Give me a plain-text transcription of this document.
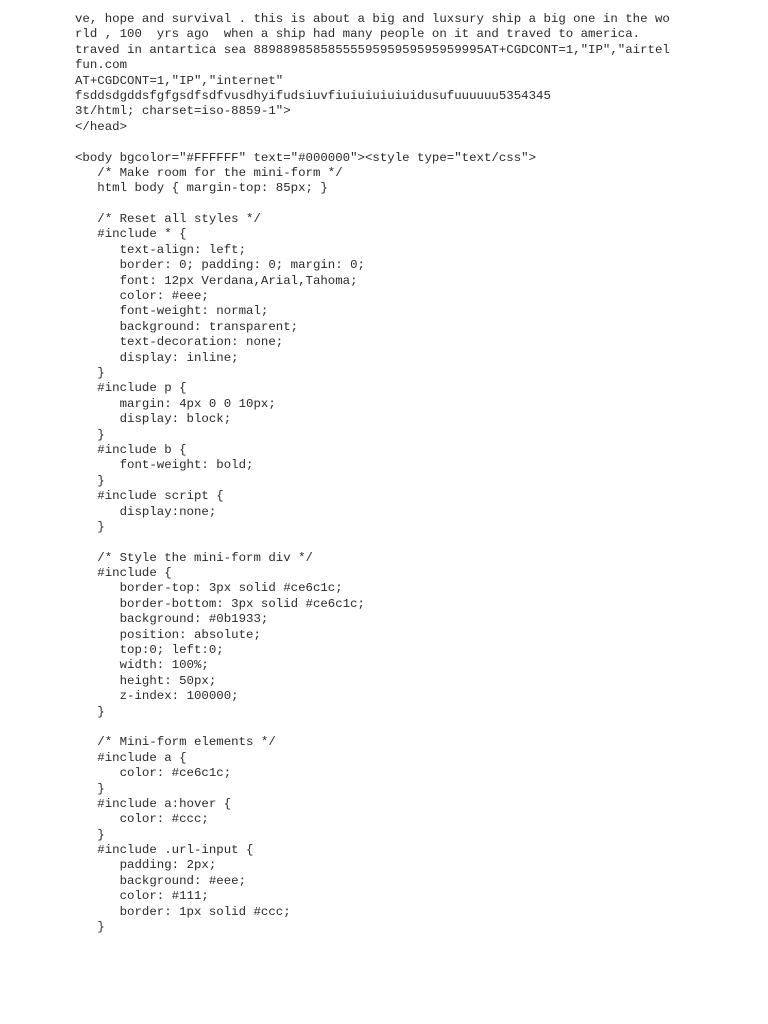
ve, hope and survival . this is about a big and luxsury ship a big one in the wo
rld , 100  yrs ago  when a ship had many people on it and traved to america.
traved in antartica sea 8898898585855559595959595959995AT+CGDCONT=1,"IP","airtel
fun.com
AT+CGDCONT=1,"IP","internet"
fsddsdgddsfgfgsdfsdfvusdhyifudsiuvfiuiuiuiuiuidusufuuuuuu5354345
3t/html; charset=iso-8859-1">
</head>
<body bgcolor="#FFFFFF" text="#000000"><style type="text/css">
/* Make room for the mini-form */
html body { margin-top: 85px; }
/* Reset all styles */
#include * {
text-align: left;
border: 0; padding: 0; margin: 0;
font: 12px Verdana,Arial,Tahoma;
color: #eee;
font-weight: normal;
background: transparent;
text-decoration: none;
display: inline;
}
#include p {
margin: 4px 0 0 10px;
display: block;
}
#include b {
font-weight: bold;
}
#include script {
display:none;
}
/* Style the mini-form div */
#include {
border-top: 3px solid #ce6c1c;
border-bottom: 3px solid #ce6c1c;
background: #0b1933;
position: absolute;
top:0; left:0;
width: 100%;
height: 50px;
z-index: 100000;
}
/* Mini-form elements */
#include a {
color: #ce6c1c;
}
#include a:hover {
color: #ccc;
}
#include .url-input {
padding: 2px;
background: #eee;
color: #111;
border: 1px solid #ccc;
}
